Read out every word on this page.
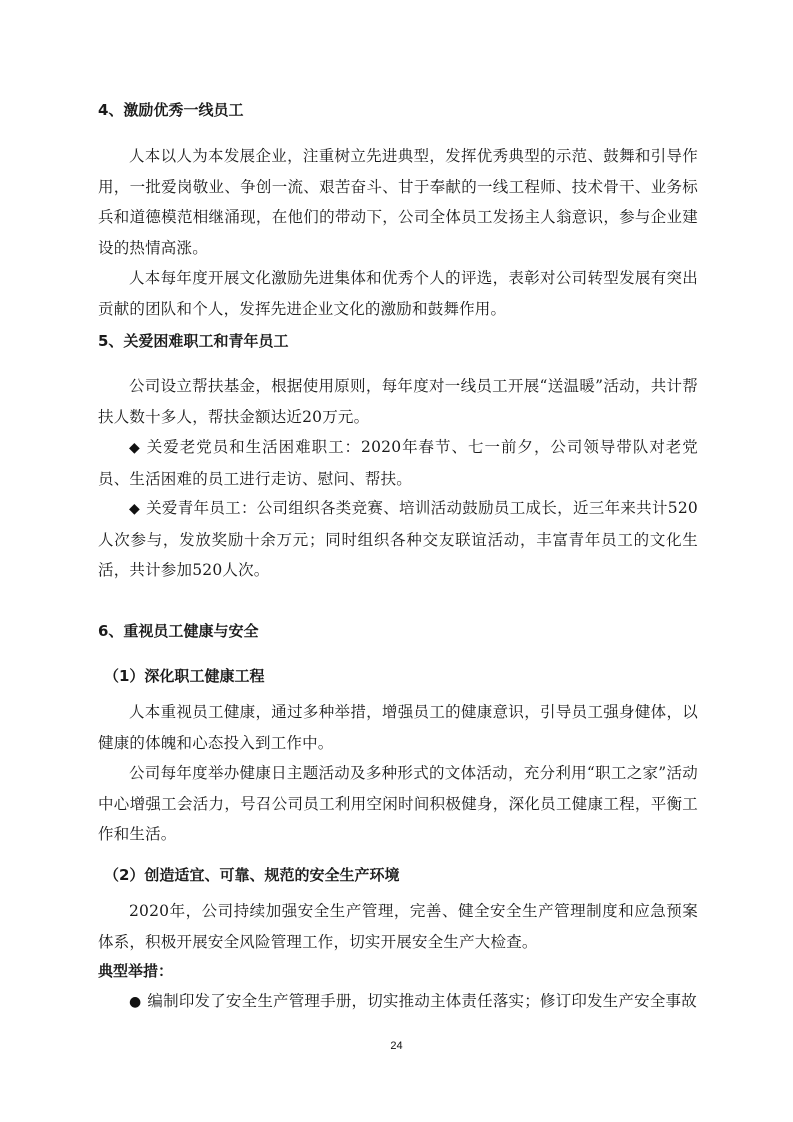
4、激励优秀一线员工

人本以人为本发展企业，注重树立先进典型，发挥优秀典型的示范、鼓舞和引导作用，一批爱岗敬业、争创一流、艰苦奋斗、甘于奉献的一线工程师、技术骨干、业务标兵和道德模范相继涌现，在他们的带动下，公司全体员工发扬主人翁意识，参与企业建设的热情高涨。

人本每年度开展文化激励先进集体和优秀个人的评选，表彰对公司转型发展有突出贡献的团队和个人，发挥先进企业文化的激励和鼓舞作用。

5、关爱困难职工和青年员工

公司设立帮扶基金，根据使用原则，每年度对一线员工开展“送温暖”活动，共计帮扶人数十多人，帮扶金额达近20万元。

◆ 关爱老党员和生活困难职工：2020年春节、七一前夕，公司领导带队对老党员、生活困难的员工进行走访、慰问、帮扶。

◆ 关爱青年员工：公司组织各类竞赛、培训活动鼓励员工成长，近三年来共计520人次参与，发放奖励十余万元；同时组织各种交友联谊活动，丰富青年员工的文化生活，共计参加520人次。

6、重视员工健康与安全
（1）深化职工健康工程

人本重视员工健康，通过多种举措，增强员工的健康意识，引导员工强身健体，以健康的体魄和心态投入到工作中。

公司每年度举办健康日主题活动及多种形式的文体活动，充分利用“职工之家”活动中心增强工会活力，号召公司员工利用空闲时间积极健身，深化员工健康工程，平衡工作和生活。

（2）创造适宜、可靠、规范的安全生产环境

2020年，公司持续加强安全生产管理，完善、健全安全生产管理制度和应急预案体系，积极开展安全风险管理工作，切实开展安全生产大检查。

典型举措：

● 编制印发了安全生产管理手册，切实推动主体责任落实；修订印发生产安全事故

24
